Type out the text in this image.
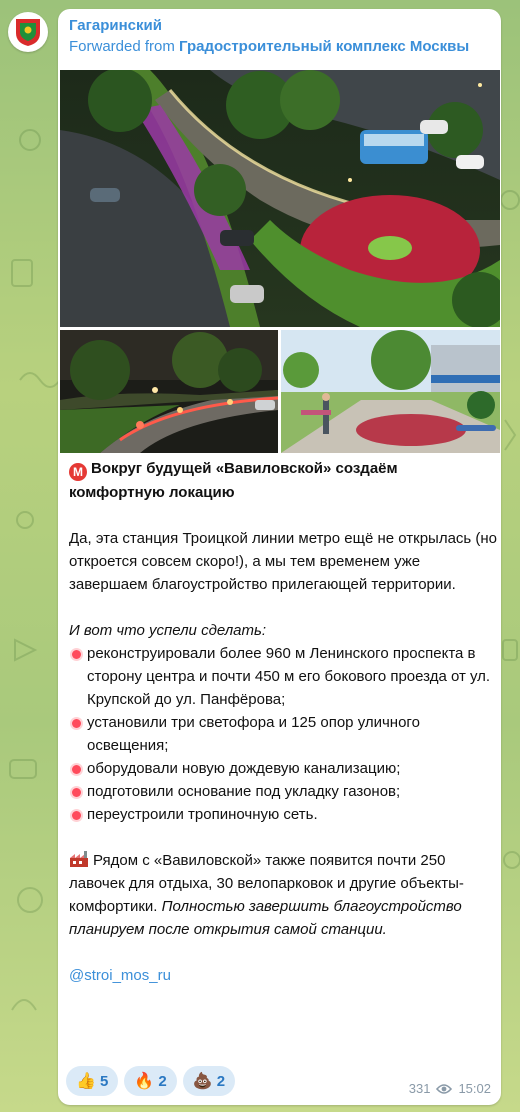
Гагаринский
Forwarded from Градостроительный комплекс Москвы

М Вокруг будущей «Вавиловской» создаём
комфортную локацию

Да, эта станция Троицкой линии метро ещё не открылась (но откроется совсем скоро!), а мы тем временем уже завершаем благоустройство прилегающей территории.

И вот что успели сделать:

реконструировали более 960 м Ленинского проспекта в сторону центра и почти 450 м его бокового проезда от ул. Крупской до ул. Панфёрова;

установили три светофора и 125 опор уличного освещения;

оборудовали новую дождевую канализацию;

подготовили основание под укладку газонов;

переустроили тропиночную сеть.

Рядом с «Вавиловской» также появится почти 250 лавочек для отдыха, 30 велопарковок и другие объекты-комфортики. Полностью завершить благоустройство планируем после открытия самой станции.

@stroi_mos_ru

👍 5 🔥 2 💩 2	331 15:02
